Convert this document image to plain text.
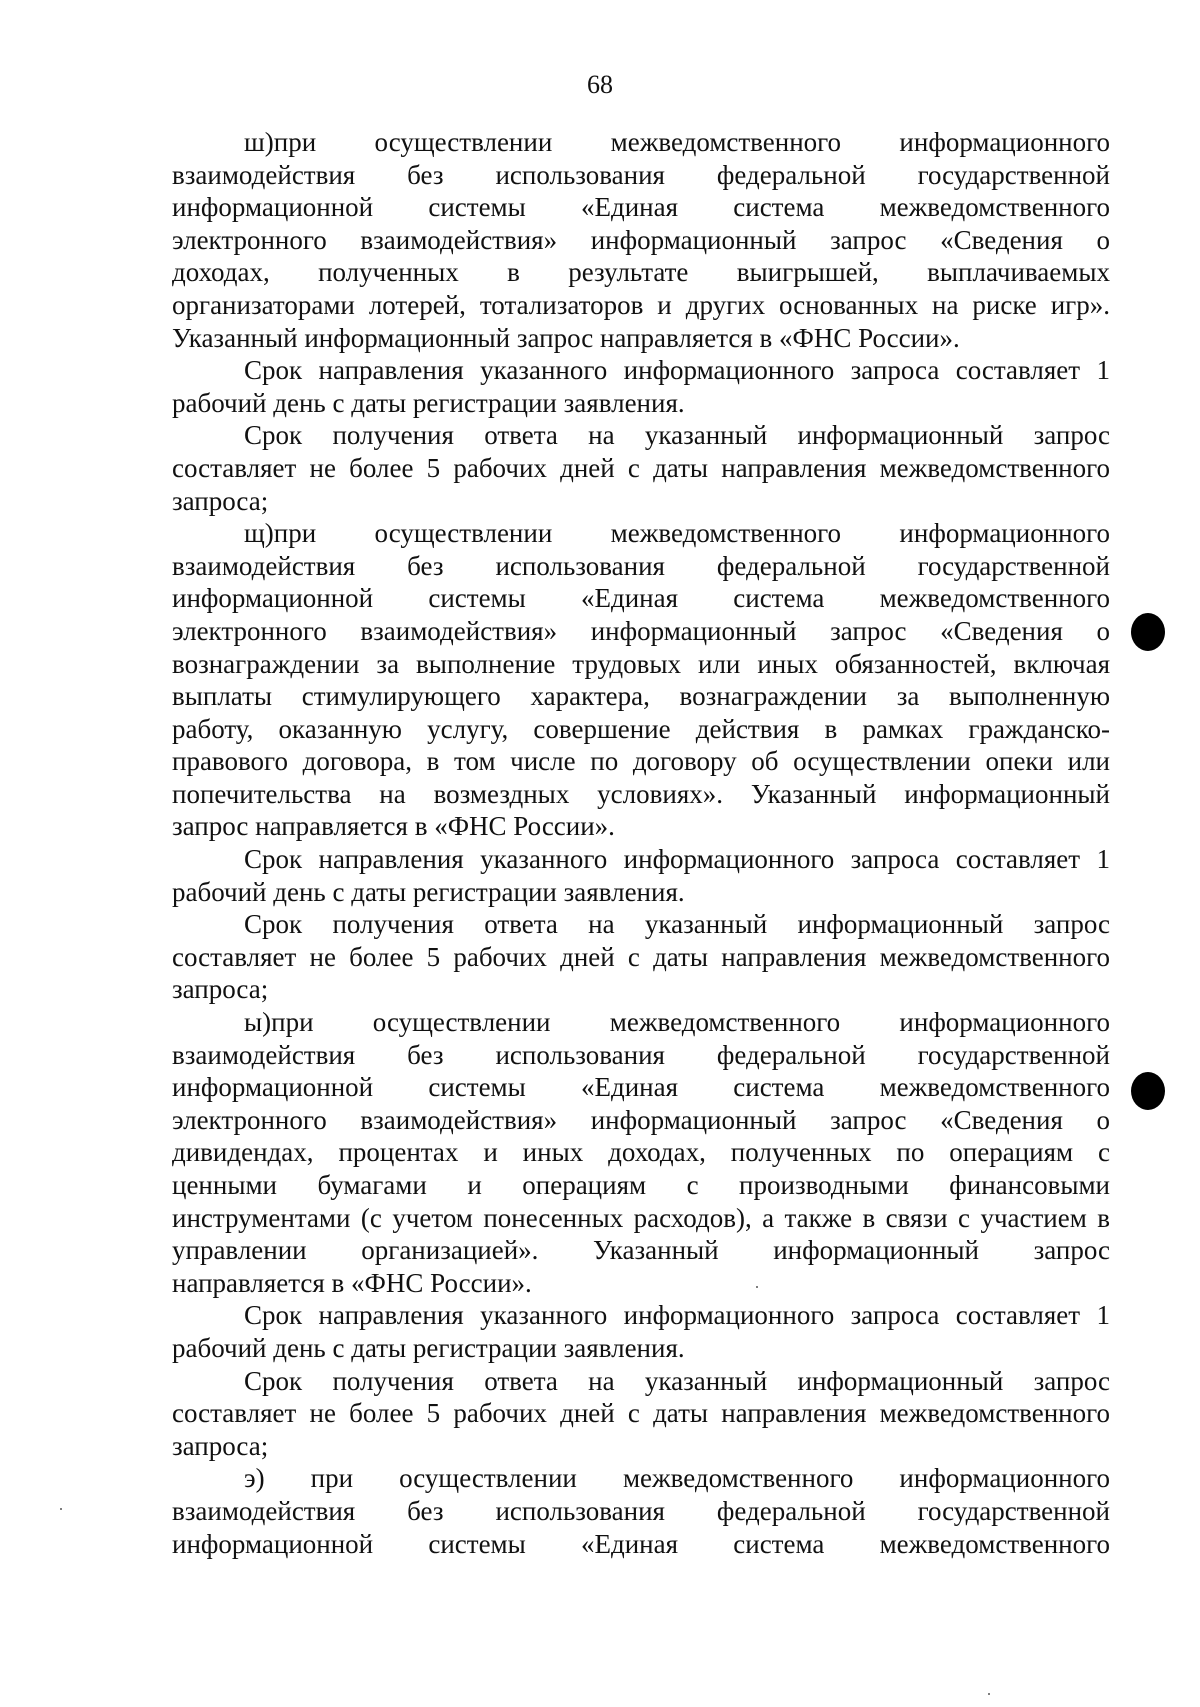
68

ш)при осуществлении межведомственного информационного
взаимодействия без использования федеральной государственной
информационной системы «Единая система межведомственного
электронного взаимодействия» информационный запрос «Сведения о
доходах, полученных в результате выигрышей, выплачиваемых
организаторами лотерей, тотализаторов и других основанных на риске игр».
Указанный информационный запрос направляется в «ФНС России».

Срок направления указанного информационного запроса составляет 1
рабочий день с даты регистрации заявления.

Срок получения ответа на указанный информационный запрос
составляет не более 5 рабочих дней с даты направления межведомственного
запроса;

щ)при осуществлении межведомственного информационного
взаимодействия без использования федеральной государственной
информационной системы «Единая система межведомственного
электронного взаимодействия» информационный запрос «Сведения о
вознаграждении за выполнение трудовых или иных обязанностей, включая
выплаты стимулирующего характера, вознаграждении за выполненную
работу, оказанную услугу, совершение действия в рамках гражданско-
правового договора, в том числе по договору об осуществлении опеки или
попечительства на возмездных условиях». Указанный информационный
запрос направляется в «ФНС России».

Срок направления указанного информационного запроса составляет 1
рабочий день с даты регистрации заявления.

Срок получения ответа на указанный информационный запрос
составляет не более 5 рабочих дней с даты направления межведомственного
запроса;

ы)при осуществлении межведомственного информационного
взаимодействия без использования федеральной государственной
информационной системы «Единая система межведомственного
электронного взаимодействия» информационный запрос «Сведения о
дивидендах, процентах и иных доходах, полученных по операциям с
ценными бумагами и операциям с производными финансовыми
инструментами (с учетом понесенных расходов), а также в связи с участием в
управлении организацией». Указанный информационный запрос
направляется в «ФНС России».

Срок направления указанного информационного запроса составляет 1
рабочий день с даты регистрации заявления.

Срок получения ответа на указанный информационный запрос
составляет не более 5 рабочих дней с даты направления межведомственного
запроса;

э) при осуществлении межведомственного информационного
взаимодействия без использования федеральной государственной
информационной системы «Единая система межведомственного
